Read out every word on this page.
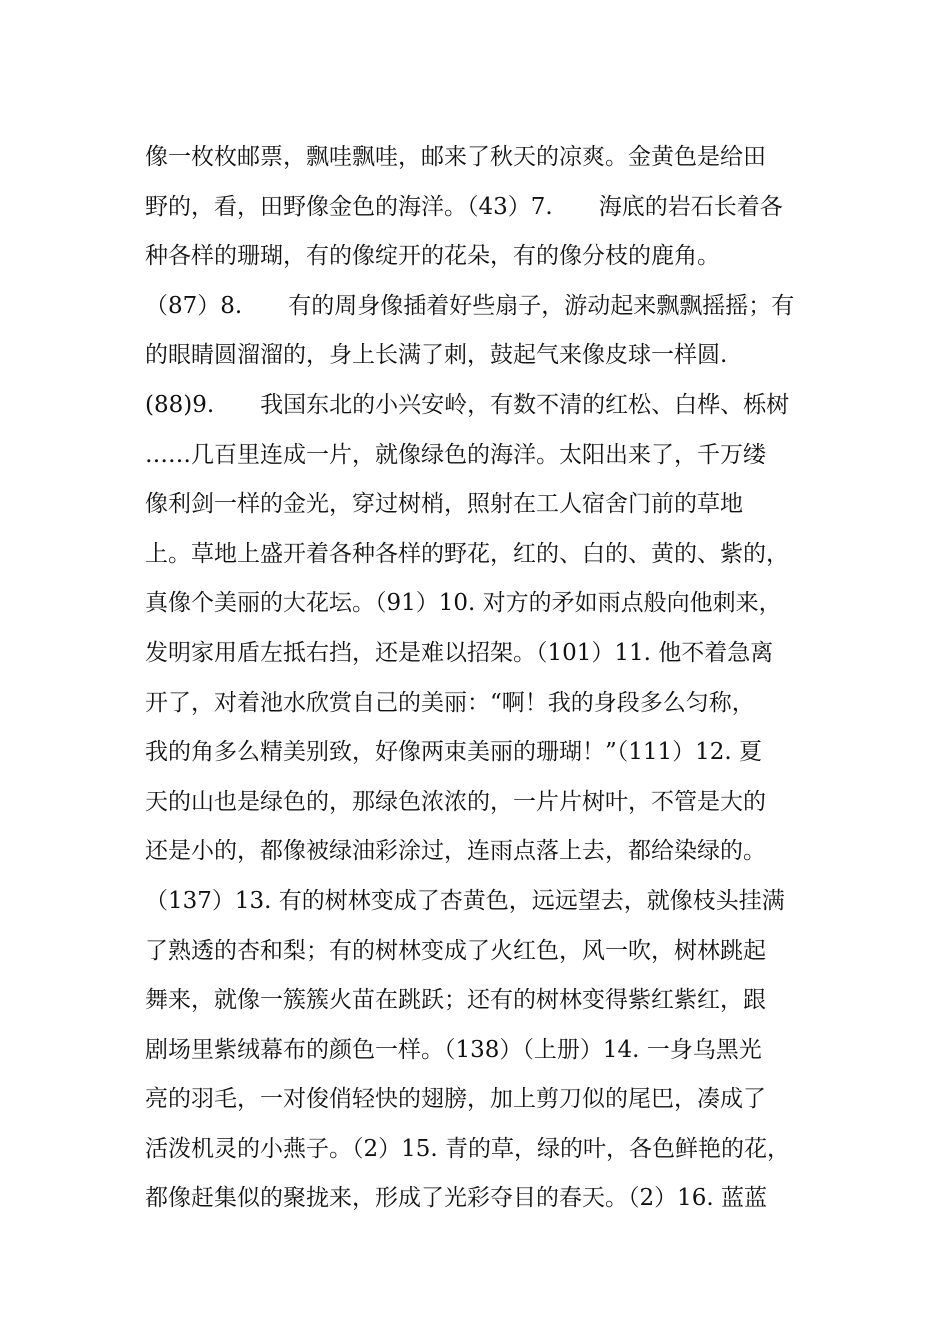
像一枚枚邮票，飘哇飘哇，邮来了秋天的凉爽。金黄色是给田
野的，看，田野像金色的海洋。（43）7.　　海底的岩石长着各
种各样的珊瑚，有的像绽开的花朵，有的像分枝的鹿角。
（87）8.　　有的周身像插着好些扇子，游动起来飘飘摇摇；有
的眼睛圆溜溜的，身上长满了刺，鼓起气来像皮球一样圆.
(88)9.　　我国东北的小兴安岭，有数不清的红松、白桦、栎树
……几百里连成一片，就像绿色的海洋。太阳出来了，千万缕
像利剑一样的金光，穿过树梢，照射在工人宿舍门前的草地
上。草地上盛开着各种各样的野花，红的、白的、黄的、紫的，
真像个美丽的大花坛。（91）10. 对方的矛如雨点般向他刺来，
发明家用盾左抵右挡，还是难以招架。（101）11. 他不着急离
开了，对着池水欣赏自己的美丽：“啊！我的身段多么匀称，
我的角多么精美别致，好像两束美丽的珊瑚！”（111）12. 夏
天的山也是绿色的，那绿色浓浓的，一片片树叶，不管是大的
还是小的，都像被绿油彩涂过，连雨点落上去，都给染绿的。
（137）13. 有的树林变成了杏黄色，远远望去，就像枝头挂满
了熟透的杏和梨；有的树林变成了火红色，风一吹，树林跳起
舞来，就像一簇簇火苗在跳跃；还有的树林变得紫红紫红，跟
剧场里紫绒幕布的颜色一样。（138）（上册）14. 一身乌黑光
亮的羽毛，一对俊俏轻快的翅膀，加上剪刀似的尾巴，凑成了
活泼机灵的小燕子。（2）15. 青的草，绿的叶，各色鲜艳的花，
都像赶集似的聚拢来，形成了光彩夺目的春天。（2）16. 蓝蓝
